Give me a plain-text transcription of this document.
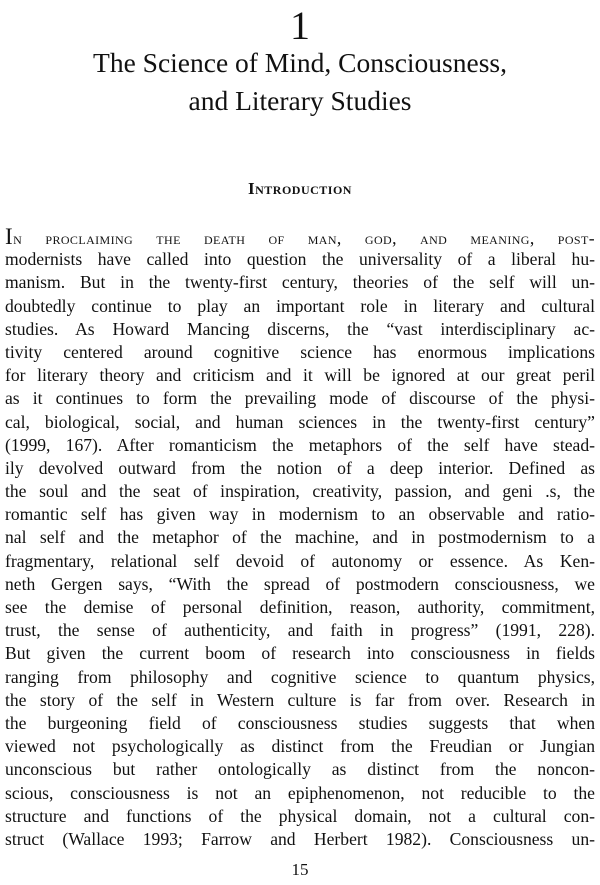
1
The Science of Mind, Consciousness,
and Literary Studies
Introduction
In proclaiming the death of man, god, and meaning, post-
modernists have called into question the universality of a liberal hu-
manism. But in the twenty-first century, theories of the self will un-
doubtedly continue to play an important role in literary and cultural
studies. As Howard Mancing discerns, the “vast interdisciplinary ac-
tivity centered around cognitive science has enormous implications
for literary theory and criticism and it will be ignored at our great peril
as it continues to form the prevailing mode of discourse of the physi-
cal, biological, social, and human sciences in the twenty-first century”
(1999, 167). After romanticism the metaphors of the self have stead-
ily devolved outward from the notion of a deep interior. Defined as
the soul and the seat of inspiration, creativity, passion, and geni .s, the
romantic self has given way in modernism to an observable and ratio-
nal self and the metaphor of the machine, and in postmodernism to a
fragmentary, relational self devoid of autonomy or essence. As Ken-
neth Gergen says, “With the spread of postmodern consciousness, we
see the demise of personal definition, reason, authority, commitment,
trust, the sense of authenticity, and faith in progress” (1991, 228).
But given the current boom of research into consciousness in fields
ranging from philosophy and cognitive science to quantum physics,
the story of the self in Western culture is far from over. Research in
the burgeoning field of consciousness studies suggests that when
viewed not psychologically as distinct from the Freudian or Jungian
unconscious but rather ontologically as distinct from the noncon-
scious, consciousness is not an epiphenomenon, not reducible to the
structure and functions of the physical domain, not a cultural con-
struct (Wallace 1993; Farrow and Herbert 1982). Consciousness un-
15
